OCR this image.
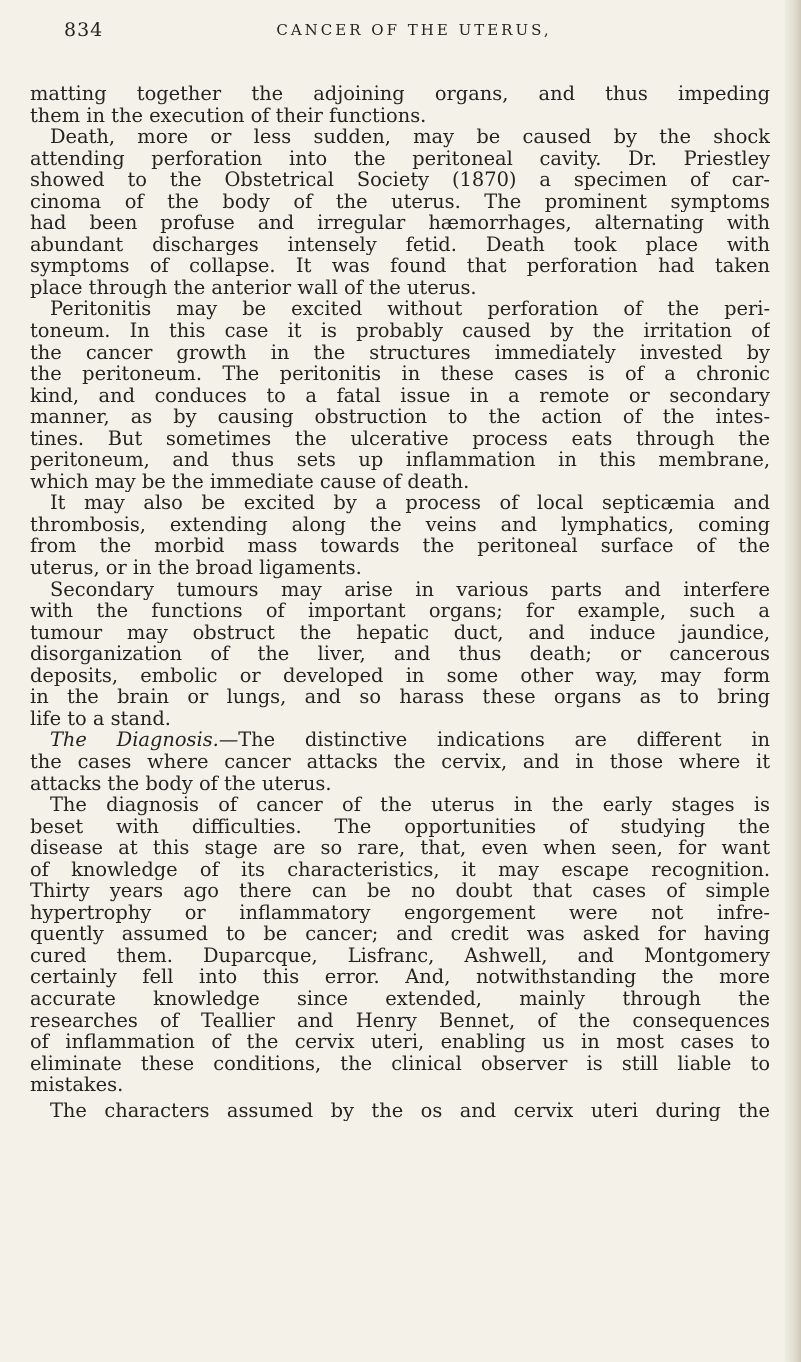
834	CANCER OF THE UTERUS,
matting together the adjoining organs, and thus impeding
them in the execution of their functions.
Death, more or less sudden, may be caused by the shock
attending perforation into the peritoneal cavity. Dr. Priestley
showed to the Obstetrical Society (1870) a specimen of car-
cinoma of the body of the uterus. The prominent symptoms
had been profuse and irregular hæmorrhages, alternating with
abundant discharges intensely fetid. Death took place with
symptoms of collapse. It was found that perforation had taken
place through the anterior wall of the uterus.
Peritonitis may be excited without perforation of the peri-
toneum. In this case it is probably caused by the irritation of
the cancer growth in the structures immediately invested by
the peritoneum. The peritonitis in these cases is of a chronic
kind, and conduces to a fatal issue in a remote or secondary
manner, as by causing obstruction to the action of the intes-
tines. But sometimes the ulcerative process eats through the
peritoneum, and thus sets up inflammation in this membrane,
which may be the immediate cause of death.
It may also be excited by a process of local septicæmia and
thrombosis, extending along the veins and lymphatics, coming
from the morbid mass towards the peritoneal surface of the
uterus, or in the broad ligaments.
Secondary tumours may arise in various parts and interfere
with the functions of important organs; for example, such a
tumour may obstruct the hepatic duct, and induce jaundice,
disorganization of the liver, and thus death; or cancerous
deposits, embolic or developed in some other way, may form
in the brain or lungs, and so harass these organs as to bring
life to a stand.
The Diagnosis.—The distinctive indications are different in
the cases where cancer attacks the cervix, and in those where it
attacks the body of the uterus.
The diagnosis of cancer of the uterus in the early stages is
beset with difficulties. The opportunities of studying the
disease at this stage are so rare, that, even when seen, for want
of knowledge of its characteristics, it may escape recognition.
Thirty years ago there can be no doubt that cases of simple
hypertrophy or inflammatory engorgement were not infre-
quently assumed to be cancer; and credit was asked for having
cured them. Duparcque, Lisfranc, Ashwell, and Montgomery
certainly fell into this error. And, notwithstanding the more
accurate knowledge since extended, mainly through the
researches of Teallier and Henry Bennet, of the consequences
of inflammation of the cervix uteri, enabling us in most cases to
eliminate these conditions, the clinical observer is still liable to
mistakes.
The characters assumed by the os and cervix uteri during the
